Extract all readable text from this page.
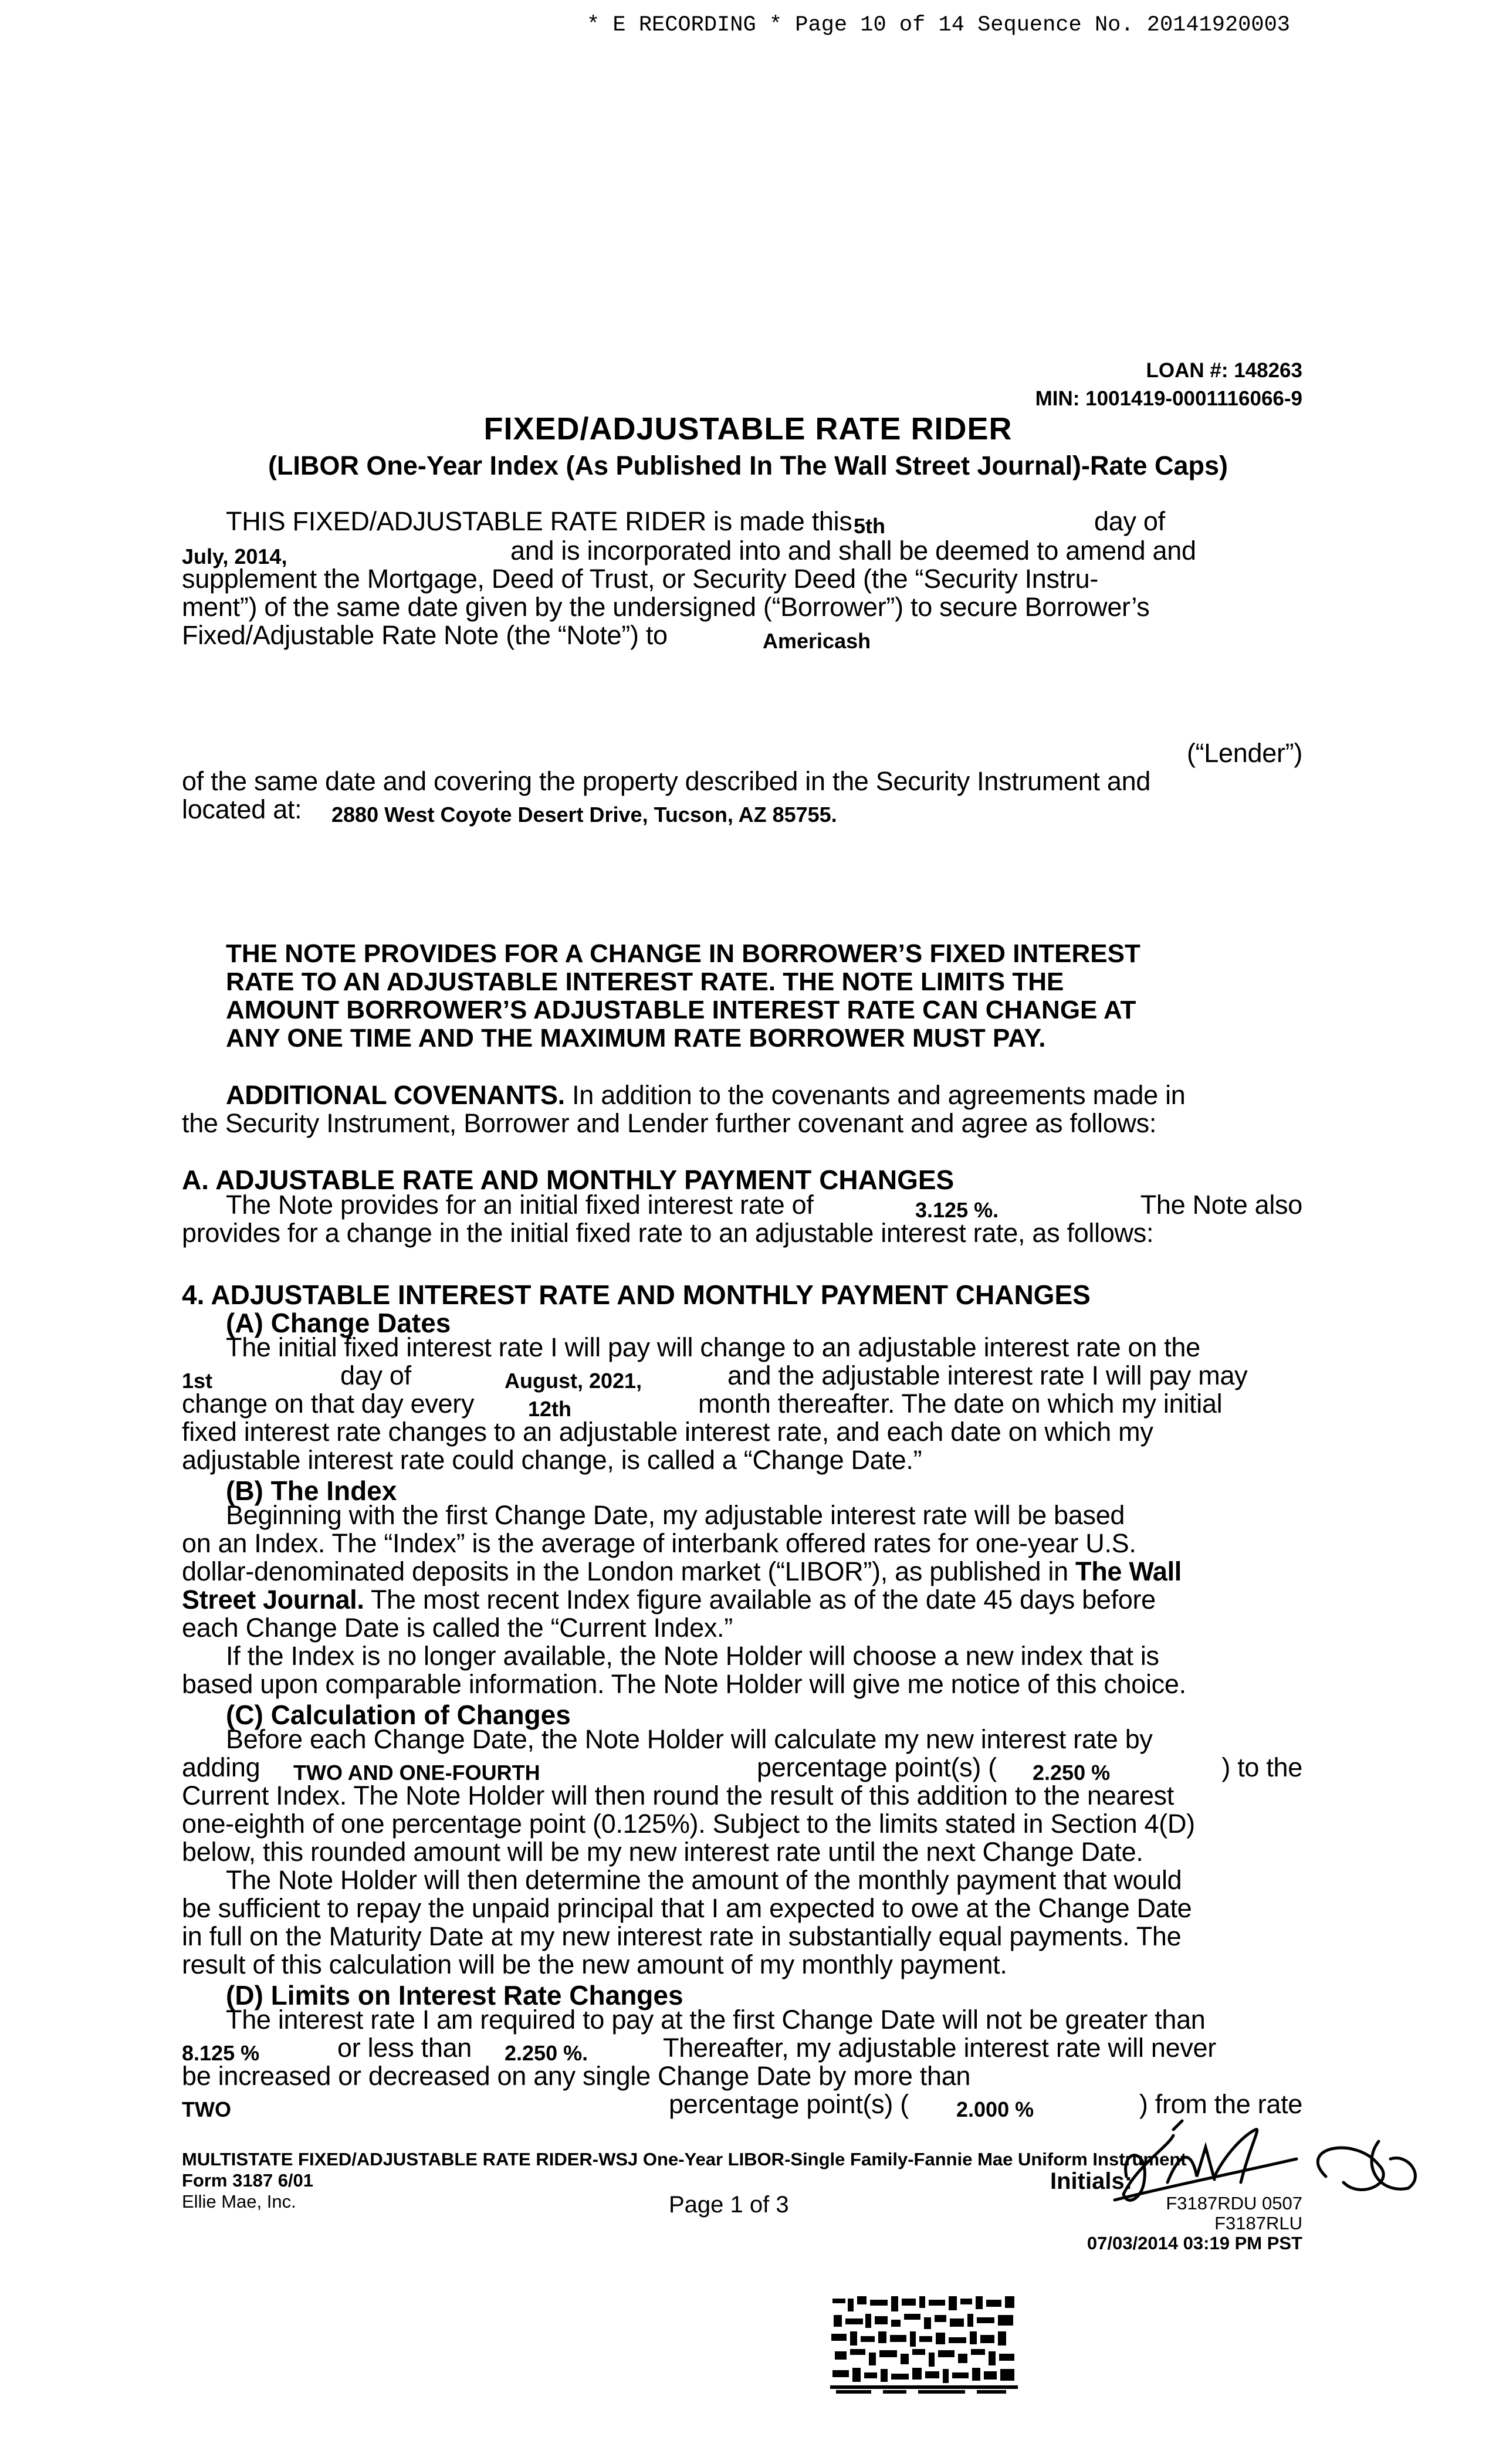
* E RECORDING * Page 10 of 14 Sequence No. 20141920003
LOAN #: 148263
MIN: 1001419-0001116066-9
FIXED/ADJUSTABLE RATE RIDER
(LIBOR One-Year Index (As Published In The Wall Street Journal)-Rate Caps)
THIS FIXED/ADJUSTABLE RATE RIDER is made this 5th	day of
July, 2014,	and is incorporated into and shall be deemed to amend and
supplement the Mortgage, Deed of Trust, or Security Deed (the “Security Instru-
ment”) of the same date given by the undersigned (“Borrower”) to secure Borrower’s
Fixed/Adjustable Rate Note (the “Note”) to	Americash
(“Lender”)
of the same date and covering the property described in the Security Instrument and
located at: 2880 West Coyote Desert Drive, Tucson, AZ 85755.
THE NOTE PROVIDES FOR A CHANGE IN BORROWER’S FIXED INTEREST
RATE TO AN ADJUSTABLE INTEREST RATE. THE NOTE LIMITS THE
AMOUNT BORROWER’S ADJUSTABLE INTEREST RATE CAN CHANGE AT
ANY ONE TIME AND THE MAXIMUM RATE BORROWER MUST PAY.
ADDITIONAL COVENANTS. In addition to the covenants and agreements made in
the Security Instrument, Borrower and Lender further covenant and agree as follows:
A. ADJUSTABLE RATE AND MONTHLY PAYMENT CHANGES
The Note provides for an initial fixed interest rate of	3.125 %.	The Note also
provides for a change in the initial fixed rate to an adjustable interest rate, as follows:
4. ADJUSTABLE INTEREST RATE AND MONTHLY PAYMENT CHANGES
(A) Change Dates
The initial fixed interest rate I will pay will change to an adjustable interest rate on the
1st	day of	August, 2021,	and the adjustable interest rate I will pay may
change on that day every	12th	month thereafter. The date on which my initial
fixed interest rate changes to an adjustable interest rate, and each date on which my
adjustable interest rate could change, is called a “Change Date.”
(B) The Index
Beginning with the first Change Date, my adjustable interest rate will be based
on an Index. The “Index” is the average of interbank offered rates for one-year U.S.
dollar-denominated deposits in the London market (“LIBOR”), as published in The Wall
Street Journal. The most recent Index figure available as of the date 45 days before
each Change Date is called the “Current Index.”
If the Index is no longer available, the Note Holder will choose a new index that is
based upon comparable information. The Note Holder will give me notice of this choice.
(C) Calculation of Changes
Before each Change Date, the Note Holder will calculate my new interest rate by
adding TWO AND ONE-FOURTH	percentage point(s) ( 2.250 %	) to the
Current Index. The Note Holder will then round the result of this addition to the nearest
one-eighth of one percentage point (0.125%). Subject to the limits stated in Section 4(D)
below, this rounded amount will be my new interest rate until the next Change Date.
The Note Holder will then determine the amount of the monthly payment that would
be sufficient to repay the unpaid principal that I am expected to owe at the Change Date
in full on the Maturity Date at my new interest rate in substantially equal payments. The
result of this calculation will be the new amount of my monthly payment.
(D) Limits on Interest Rate Changes
The interest rate I am required to pay at the first Change Date will not be greater than
8.125 %	or less than 2.250 %.	Thereafter, my adjustable interest rate will never
be increased or decreased on any single Change Date by more than
TWO	percentage point(s) ( 2.000 %	) from the rate
MULTISTATE FIXED/ADJUSTABLE RATE RIDER-WSJ One-Year LIBOR-Single Family-Fannie Mae Uniform Instrument
Form 3187 6/01
Ellie Mae, Inc.	Page 1 of 3
Initials:
F3187RDU 0507
F3187RLU
07/03/2014 03:19 PM PST
